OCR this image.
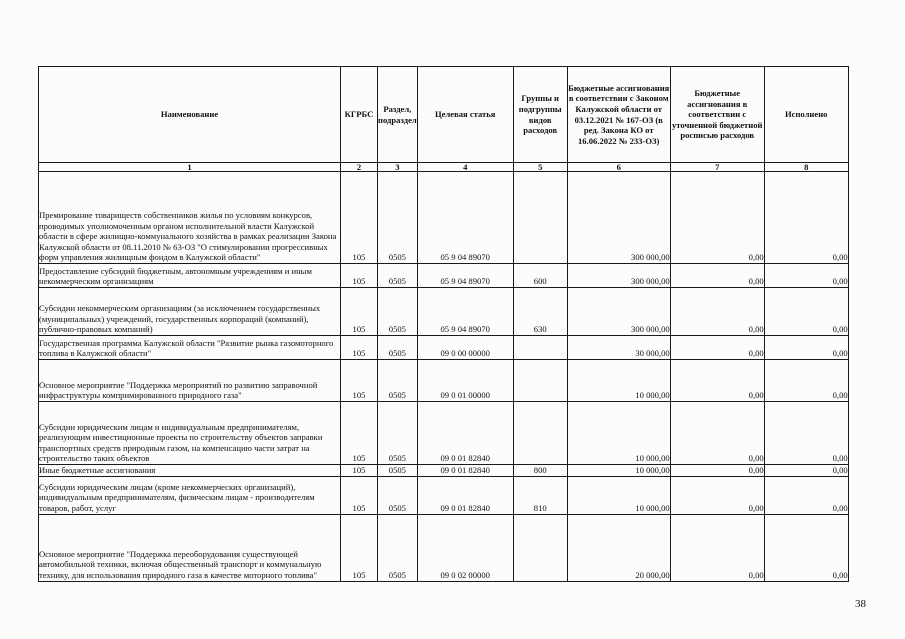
Наименование	КГРБС	Раздел, подраздел	Целевая статья	Группы и подгруппы видов расходов	Бюджетные ассигнования в соответствии с Законом Калужской области от 03.12.2021 № 167-ОЗ (в ред. Закона КО от 16.06.2022 № 233-ОЗ)	Бюджетные ассигнования в соответствии с уточненной бюджетной росписью расходов	Исполнено
1	2	3	4	5	6	7	8
Премирование товариществ собственников жилья по условиям конкурсов, проводимых уполномоченным органом исполнительной власти Калужской области в сфере жилищно-коммунального хозяйства в рамках реализации Закона Калужской области от 08.11.2010 № 63-ОЗ "О стимулировании прогрессивных форм управления жилищным фондом в Калужской области"	105	0505	05 9 04 89070		300 000,00	0,00	0,00
Предоставление субсидий бюджетным, автономным учреждениям и иным некоммерческим организациям	105	0505	05 9 04 89070	600	300 000,00	0,00	0,00
Субсидии некоммерческим организациям (за исключением государственных (муниципальных) учреждений, государственных корпораций (компаний), публично-правовых компаний)	105	0505	05 9 04 89070	630	300 000,00	0,00	0,00
Государственная программа Калужской области "Развитие рынка газомоторного топлива в Калужской области"	105	0505	09 0 00 00000		30 000,00	0,00	0,00
Основное мероприятие "Поддержка мероприятий по развитию заправочной инфраструктуры компримированного природного газа"	105	0505	09 0 01 00000		10 000,00	0,00	0,00
Субсидии юридическим лицам и индивидуальным предпринимателям, реализующим инвестиционные проекты по строительству объектов заправки транспортных средств природным газом, на компенсацию части затрат на строительство таких объектов	105	0505	09 0 01 82840		10 000,00	0,00	0,00
Иные бюджетные ассигнования	105	0505	09 0 01 82840	800	10 000,00	0,00	0,00
Субсидии юридическим лицам (кроме некоммерческих организаций), индивидуальным предпринимателям, физическим лицам - производителям товаров, работ, услуг	105	0505	09 0 01 82840	810	10 000,00	0,00	0,00
Основное мероприятие "Поддержка переоборудования существующей автомобильной техники, включая общественный транспорт и коммунальную технику, для использования природного газа в качестве моторного топлива"	105	0505	09 0 02 00000		20 000,00	0,00	0,00
38
